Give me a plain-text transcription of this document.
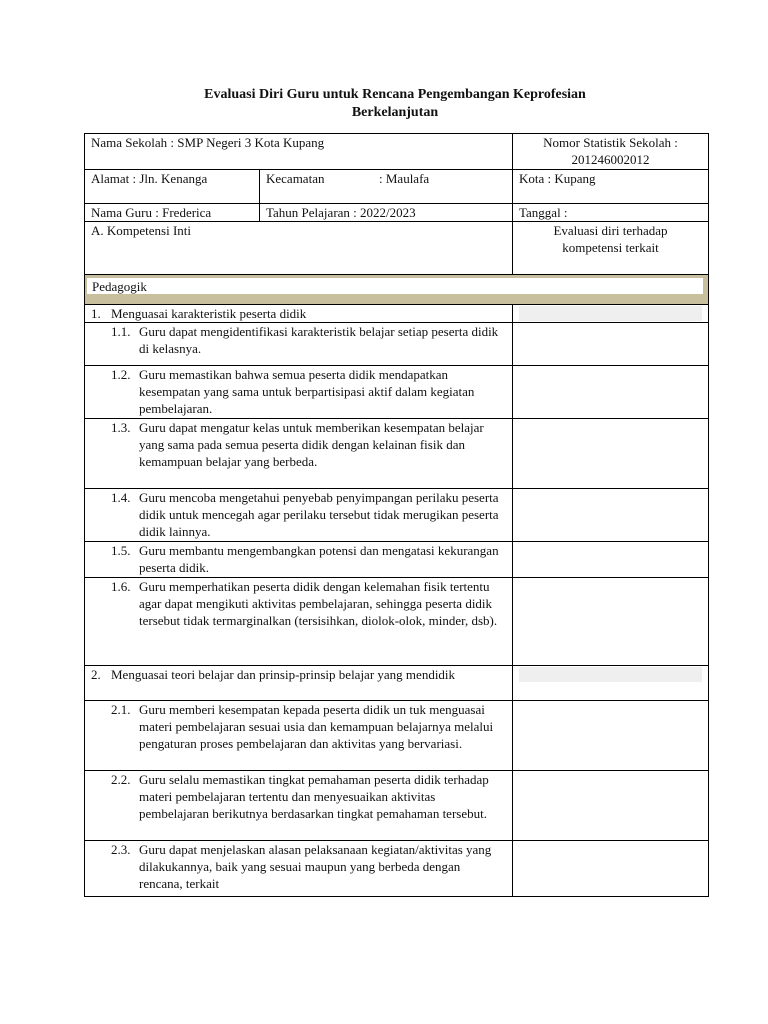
Evaluasi Diri Guru untuk Rencana Pengembangan Keprofesian
Berkelanjutan
Nama Sekolah : SMP Negeri 3 Kota Kupang		Nomor Statistik Sekolah :
201246002012

Alamat : Jln. Kenanga	Kecamatan : Maulafa	Kota : Kupang
Nama Guru : Frederica	Tahun Pelajaran : 2022/2023	Tanggal :
A. Kompetensi Inti		Evaluasi diri terhadap
kompetensi terkait

Pedagogik		

1. Menguasai karakteristik peserta didik		

1.1. Guru dapat mengidentifikasi karakteristik belajar setiap peserta didik di kelasnya.		

1.2. Guru memastikan bahwa semua peserta didik mendapatkan kesempatan yang sama untuk berpartisipasi aktif dalam kegiatan pembelajaran.		

1.3. Guru dapat mengatur kelas untuk memberikan kesempatan belajar yang sama pada semua peserta didik dengan kelainan fisik dan kemampuan belajar yang berbeda.		

1.4. Guru mencoba mengetahui penyebab penyimpangan perilaku peserta didik untuk mencegah agar perilaku tersebut tidak merugikan peserta didik lainnya.		

1.5. Guru membantu mengembangkan potensi dan mengatasi kekurangan peserta didik.		

1.6. Guru memperhatikan peserta didik dengan kelemahan fisik tertentu agar dapat mengikuti aktivitas pembelajaran, sehingga peserta didik tersebut tidak termarginalkan (tersisihkan, diolok-olok, minder, dsb).		

2. Menguasai teori belajar dan prinsip-prinsip belajar yang mendidik		

2.1. Guru memberi kesempatan kepada peserta didik un tuk menguasai materi pembelajaran sesuai usia dan kemampuan belajarnya melalui pengaturan proses pembelajaran dan aktivitas yang bervariasi.		

2.2. Guru selalu memastikan tingkat pemahaman peserta didik terhadap materi pembelajaran tertentu dan menyesuaikan aktivitas pembelajaran berikutnya berdasarkan tingkat pemahaman tersebut.		

2.3. Guru dapat menjelaskan alasan pelaksanaan kegiatan/aktivitas yang dilakukannya, baik yang sesuai maupun yang berbeda dengan rencana, terkait		
